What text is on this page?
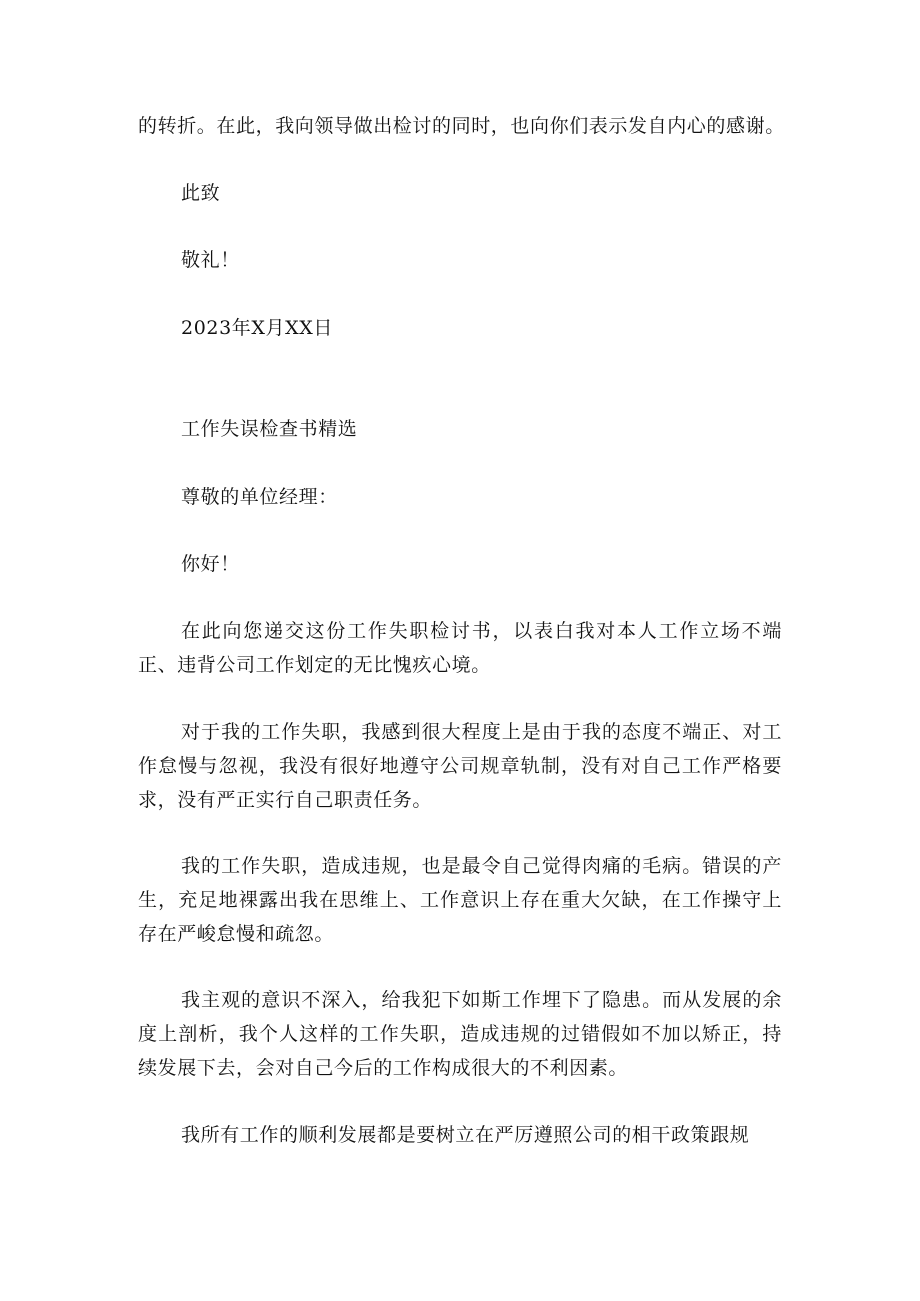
的转折。在此，我向领导做出检讨的同时，也向你们表示发自内心的感谢。
此致
敬礼！
2023年X月XX日
工作失误检查书精选
尊敬的单位经理：
你好！
在此向您递交这份工作失职检讨书，以表白我对本人工作立场不端正、违背公司工作划定的无比愧疚心境。
对于我的工作失职，我感到很大程度上是由于我的态度不端正、对工作怠慢与忽视，我没有很好地遵守公司规章轨制，没有对自己工作严格要求，没有严正实行自己职责任务。
我的工作失职，造成违规，也是最令自己觉得肉痛的毛病。错误的产生，充足地裸露出我在思维上、工作意识上存在重大欠缺，在工作操守上存在严峻怠慢和疏忽。
我主观的意识不深入，给我犯下如斯工作埋下了隐患。而从发展的余度上剖析，我个人这样的工作失职，造成违规的过错假如不加以矫正，持续发展下去，会对自己今后的工作构成很大的不利因素。
我所有工作的顺利发展都是要树立在严厉遵照公司的相干政策跟规
